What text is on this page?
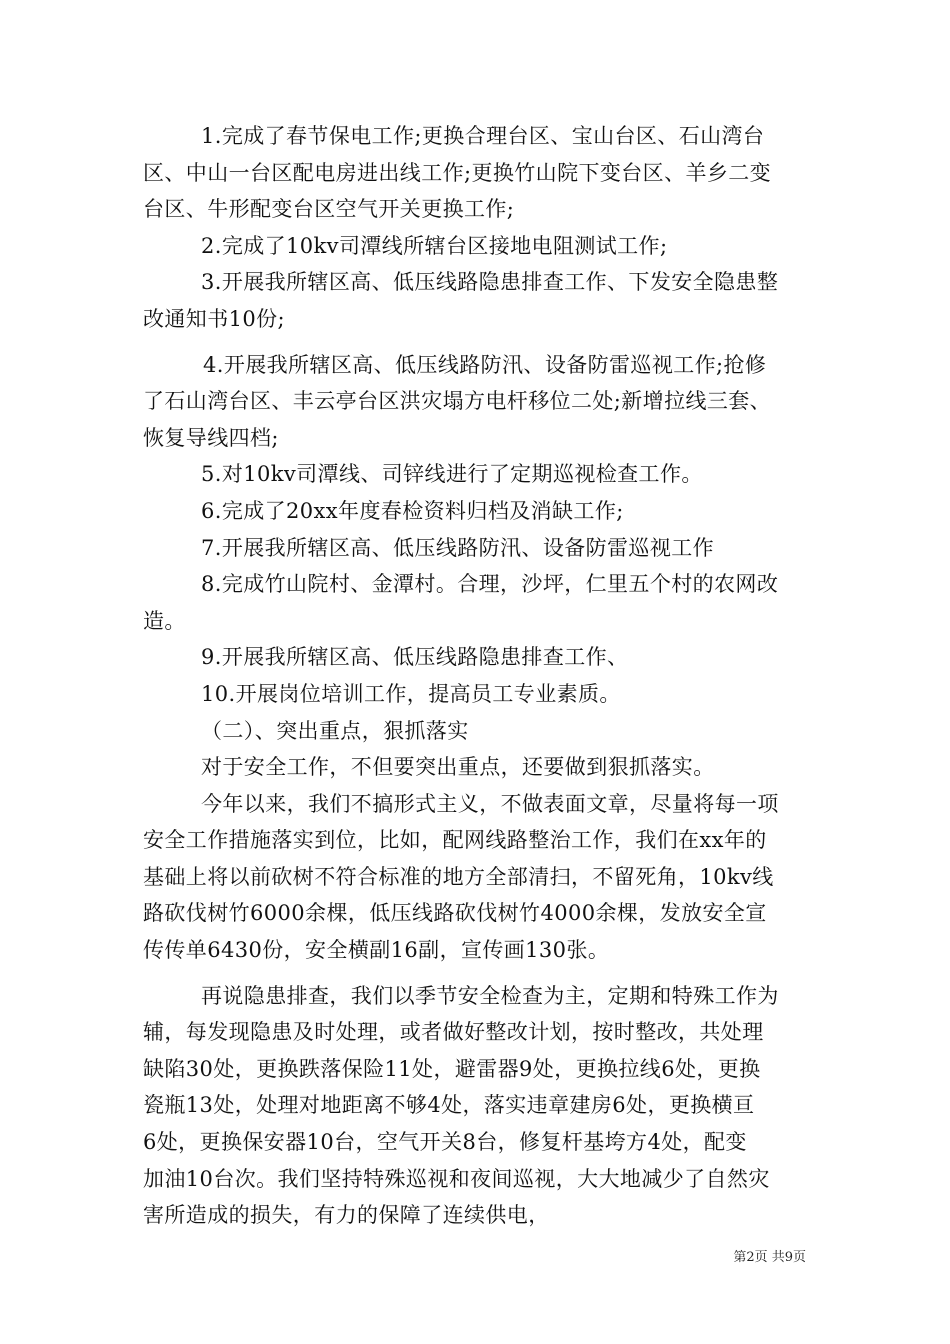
1.完成了春节保电工作;更换合理台区、宝山台区、石山湾台
区、中山一台区配电房进出线工作;更换竹山院下变台区、羊乡二变
台区、牛形配变台区空气开关更换工作;
2.完成了10kv司潭线所辖台区接地电阻测试工作;
3.开展我所辖区高、低压线路隐患排查工作、下发安全隐患整
改通知书10份;
4.开展我所辖区高、低压线路防汛、设备防雷巡视工作;抢修
了石山湾台区、丰云亭台区洪灾塌方电杆移位二处;新增拉线三套、
恢复导线四档;
5.对10kv司潭线、司锌线进行了定期巡视检查工作。
6.完成了20xx年度春检资料归档及消缺工作;
7.开展我所辖区高、低压线路防汛、设备防雷巡视工作
8.完成竹山院村、金潭村。合理，沙坪，仁里五个村的农网改
造。
9.开展我所辖区高、低压线路隐患排查工作、
10.开展岗位培训工作，提高员工专业素质。
（二）、突出重点，狠抓落实
对于安全工作，不但要突出重点，还要做到狠抓落实。
今年以来，我们不搞形式主义，不做表面文章，尽量将每一项
安全工作措施落实到位，比如，配网线路整治工作，我们在xx年的
基础上将以前砍树不符合标准的地方全部清扫，不留死角，10kv线
路砍伐树竹6000余棵，低压线路砍伐树竹4000余棵，发放安全宣
传传单6430份，安全横副16副，宣传画130张。
再说隐患排查，我们以季节安全检查为主，定期和特殊工作为
辅，每发现隐患及时处理，或者做好整改计划，按时整改，共处理
缺陷30处，更换跌落保险11处，避雷器9处，更换拉线6处，更换
瓷瓶13处，处理对地距离不够4处，落实违章建房6处，更换横亘
6处，更换保安器10台，空气开关8台，修复杆基垮方4处，配变
加油10台次。我们坚持特殊巡视和夜间巡视，大大地减少了自然灾
害所造成的损失，有力的保障了连续供电，
第2页 共9页
